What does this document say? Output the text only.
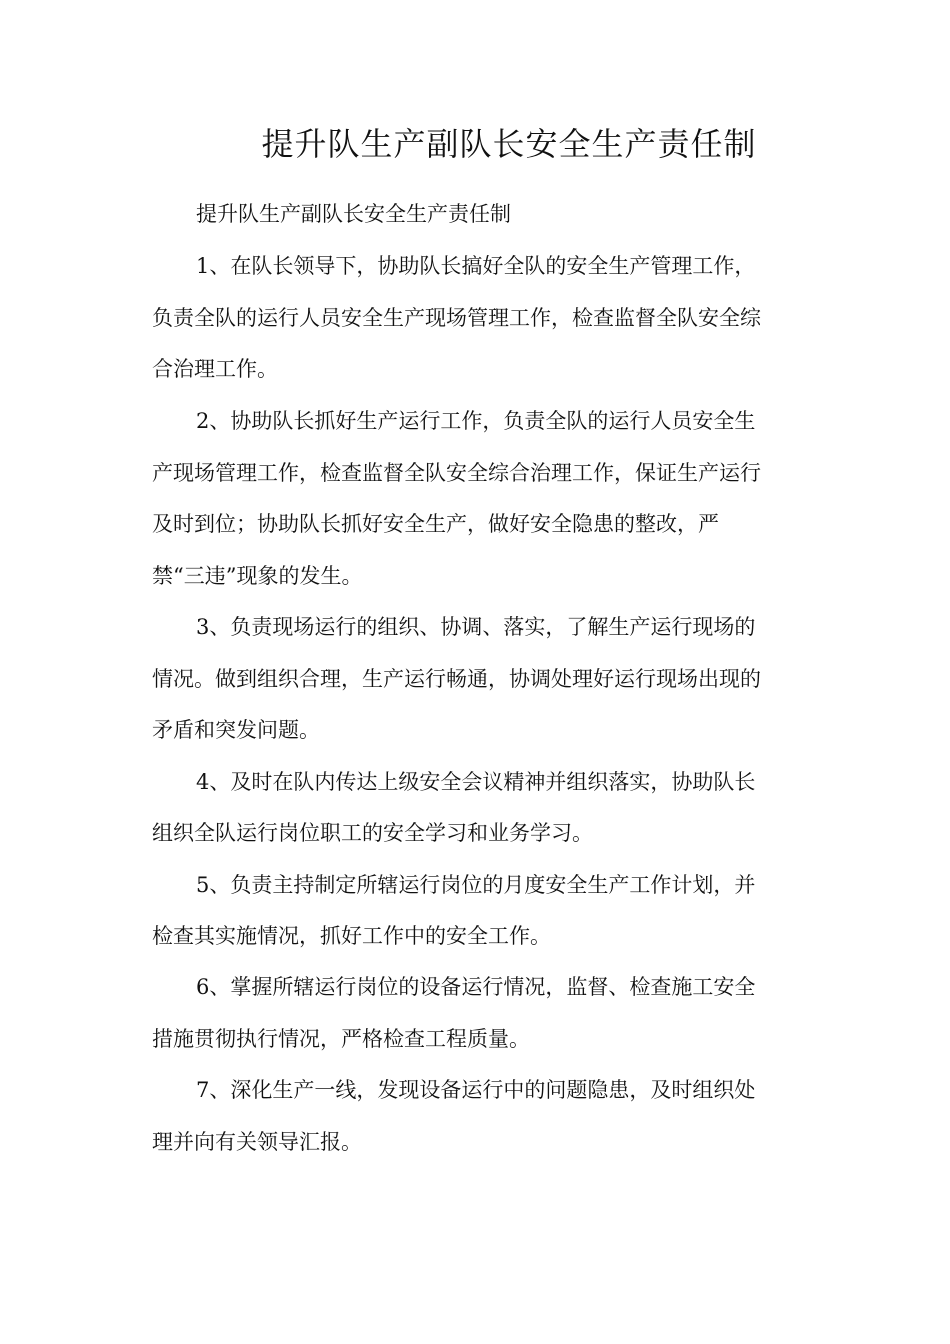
提升队生产副队长安全生产责任制
提升队生产副队长安全生产责任制
1、在队长领导下，协助队长搞好全队的安全生产管理工作，
负责全队的运行人员安全生产现场管理工作，检查监督全队安全综
合治理工作。
2、协助队长抓好生产运行工作，负责全队的运行人员安全生
产现场管理工作，检查监督全队安全综合治理工作，保证生产运行
及时到位；协助队长抓好安全生产，做好安全隐患的整改，严
禁“三违”现象的发生。
3、负责现场运行的组织、协调、落实，了解生产运行现场的
情况。做到组织合理，生产运行畅通，协调处理好运行现场出现的
矛盾和突发问题。
4、及时在队内传达上级安全会议精神并组织落实，协助队长
组织全队运行岗位职工的安全学习和业务学习。
5、负责主持制定所辖运行岗位的月度安全生产工作计划，并
检查其实施情况，抓好工作中的安全工作。
6、掌握所辖运行岗位的设备运行情况，监督、检查施工安全
措施贯彻执行情况，严格检查工程质量。
7、深化生产一线，发现设备运行中的问题隐患，及时组织处
理并向有关领导汇报。
